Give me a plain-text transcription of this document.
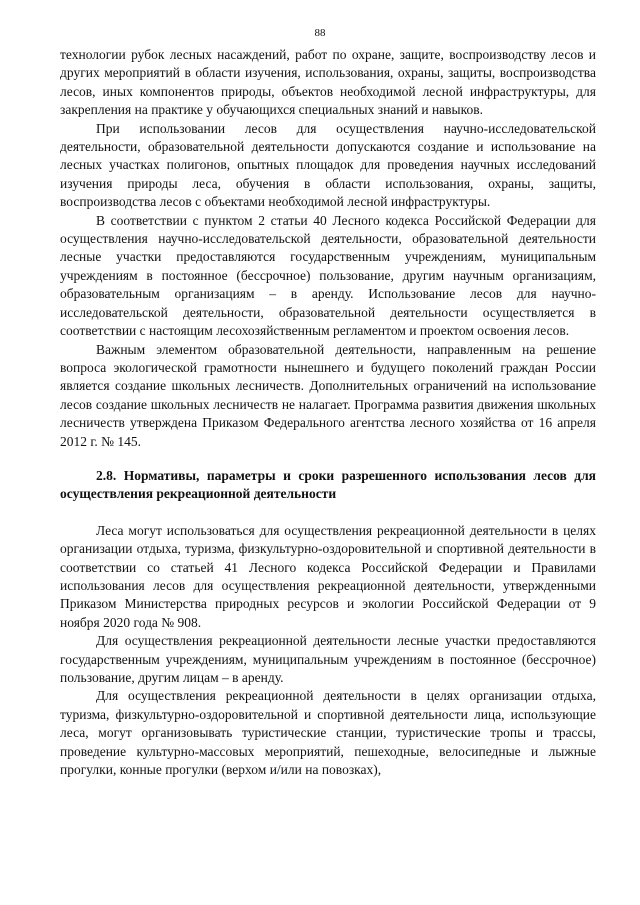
88

технологии рубок лесных насаждений, работ по охране, защите, воспроизводству лесов и других мероприятий в области изучения, использования, охраны, защиты, воспроизводства лесов, иных компонентов природы, объектов необходимой лесной инфраструктуры, для закрепления на практике у обучающихся специальных знаний и навыков.

При использовании лесов для осуществления научно-исследовательской деятельности, образовательной деятельности допускаются создание и использование на лесных участках полигонов, опытных площадок для проведения научных исследований изучения природы леса, обучения в области использования, охраны, защиты, воспроизводства лесов с объектами необходимой лесной инфраструктуры.

В соответствии с пунктом 2 статьи 40 Лесного кодекса Российской Федерации для осуществления научно-исследовательской деятельности, образовательной деятельности лесные участки предоставляются государственным учреждениям, муниципальным учреждениям в постоянное (бессрочное) пользование, другим научным организациям, образовательным организациям – в аренду. Использование лесов для научно-исследовательской деятельности, образовательной деятельности осуществляется в соответствии с настоящим лесохозяйственным регламентом и проектом освоения лесов.

Важным элементом образовательной деятельности, направленным на решение вопроса экологической грамотности нынешнего и будущего поколений граждан России является создание школьных лесничеств. Дополнительных ограничений на использование лесов создание школьных лесничеств не налагает. Программа развития движения школьных лесничеств утверждена Приказом Федерального агентства лесного хозяйства от 16 апреля 2012 г. № 145.

2.8. Нормативы, параметры и сроки разрешенного использования лесов для осуществления рекреационной деятельности

Леса могут использоваться для осуществления рекреационной деятельности в целях организации отдыха, туризма, физкультурно-оздоровительной и спортивной деятельности в соответствии со статьей 41 Лесного кодекса Российской Федерации и Правилами использования лесов для осуществления рекреационной деятельности, утвержденными Приказом Министерства природных ресурсов и экологии Российской Федерации от 9 ноября 2020 года № 908.

Для осуществления рекреационной деятельности лесные участки предоставляются государственным учреждениям, муниципальным учреждениям в постоянное (бессрочное) пользование, другим лицам – в аренду.

Для осуществления рекреационной деятельности в целях организации отдыха, туризма, физкультурно-оздоровительной и спортивной деятельности лица, использующие леса, могут организовывать туристические станции, туристические тропы и трассы, проведение культурно-массовых мероприятий, пешеходные, велосипедные и лыжные прогулки, конные прогулки (верхом и/или на повозках),
